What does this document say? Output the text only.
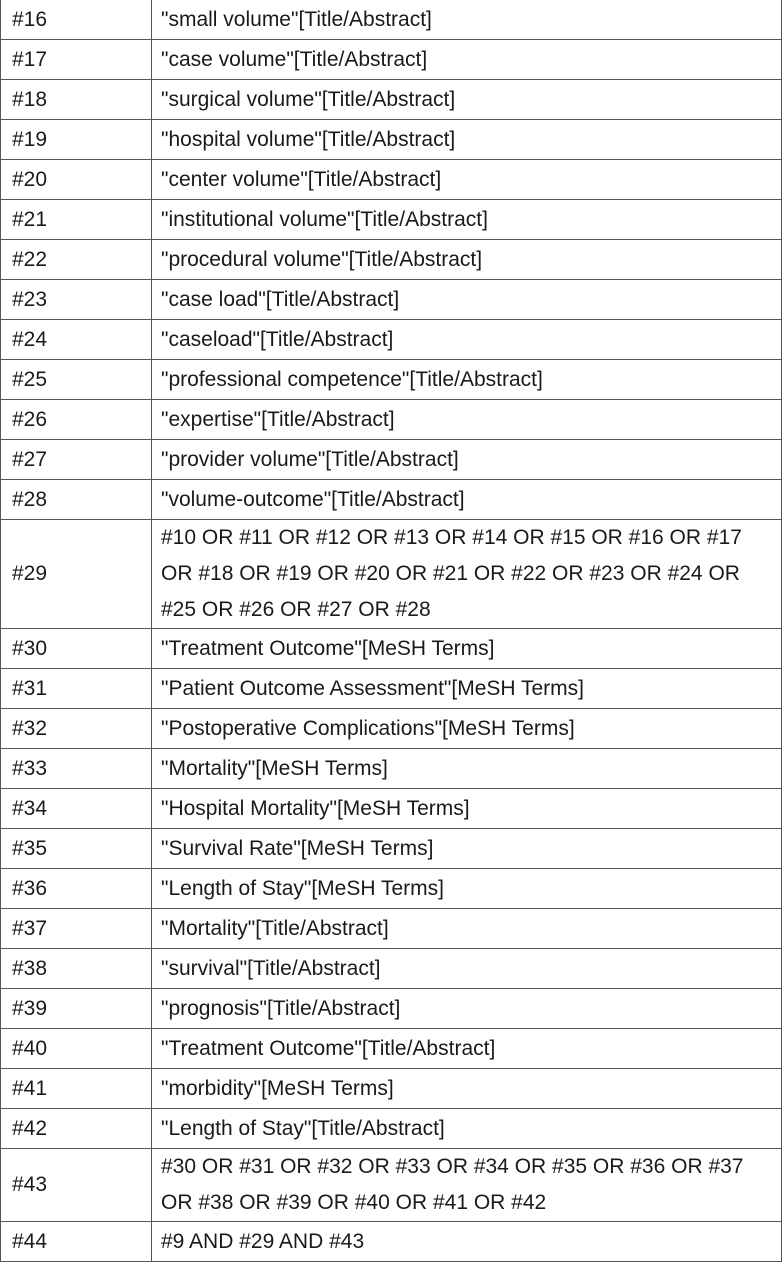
#16	"small volume"[Title/Abstract]
#17	"case volume"[Title/Abstract]
#18	"surgical volume"[Title/Abstract]
#19	"hospital volume"[Title/Abstract]
#20	"center volume"[Title/Abstract]
#21	"institutional volume"[Title/Abstract]
#22	"procedural volume"[Title/Abstract]
#23	"case load"[Title/Abstract]
#24	"caseload"[Title/Abstract]
#25	"professional competence"[Title/Abstract]
#26	"expertise"[Title/Abstract]
#27	"provider volume"[Title/Abstract]
#28	"volume-outcome"[Title/Abstract]
#29	#10 OR #11 OR #12 OR #13 OR #14 OR #15 OR #16 OR #17 OR #18 OR #19 OR #20 OR #21 OR #22 OR #23 OR #24 OR #25 OR #26 OR #27 OR #28
#30	"Treatment Outcome"[MeSH Terms]
#31	"Patient Outcome Assessment"[MeSH Terms]
#32	"Postoperative Complications"[MeSH Terms]
#33	"Mortality"[MeSH Terms]
#34	"Hospital Mortality"[MeSH Terms]
#35	"Survival Rate"[MeSH Terms]
#36	"Length of Stay"[MeSH Terms]
#37	"Mortality"[Title/Abstract]
#38	"survival"[Title/Abstract]
#39	"prognosis"[Title/Abstract]
#40	"Treatment Outcome"[Title/Abstract]
#41	"morbidity"[MeSH Terms]
#42	"Length of Stay"[Title/Abstract]
#43	#30 OR #31 OR #32 OR #33 OR #34 OR #35 OR #36 OR #37 OR #38 OR #39 OR #40 OR #41 OR #42
#44	#9 AND #29 AND #43
